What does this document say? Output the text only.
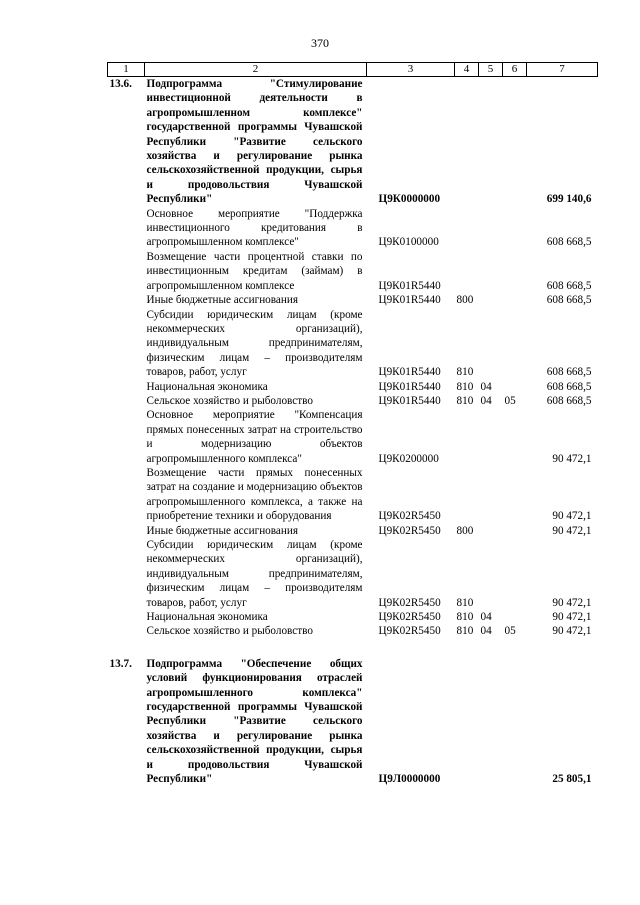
370
1	2	3	4	5	6	7
13.6.	Подпрограмма "Стимулирование инвестиционной деятельности в агропромышленном комплексе" государственной программы Чувашской Республики "Развитие сельского хозяйства и регулирование рынка сельскохозяйственной продукции, сырья и продовольствия Чувашской Республики"	Ц9К0000000				699 140,6
	Основное мероприятие "Поддержка инвестиционного кредитования в агропромышленном комплексе"	Ц9К0100000				608 668,5
	Возмещение части процентной ставки по инвестиционным кредитам (займам) в агропромышленном комплексе	Ц9К01R5440				608 668,5
	Иные бюджетные ассигнования	Ц9К01R5440	800			608 668,5
	Субсидии юридическим лицам (кроме некоммерческих организаций), индивидуальным предпринимателям, физическим лицам – производителям товаров, работ, услуг	Ц9К01R5440	810			608 668,5
	Национальная экономика	Ц9К01R5440	810	04		608 668,5
	Сельское хозяйство и рыболовство	Ц9К01R5440	810	04	05	608 668,5
	Основное мероприятие "Компенсация прямых понесенных затрат на строительство и модернизацию объектов агропромышленного комплекса"	Ц9К0200000				90 472,1
	Возмещение части прямых понесенных затрат на создание и модернизацию объектов агропромышленного комплекса, а также на приобретение техники и оборудования	Ц9К02R5450				90 472,1
	Иные бюджетные ассигнования	Ц9К02R5450	800			90 472,1
	Субсидии юридическим лицам (кроме некоммерческих организаций), индивидуальным предпринимателям, физическим лицам – производителям товаров, работ, услуг	Ц9К02R5450	810			90 472,1
	Национальная экономика	Ц9К02R5450	810	04		90 472,1
	Сельское хозяйство и рыболовство	Ц9К02R5450	810	04	05	90 472,1

13.7.	Подпрограмма "Обеспечение общих условий функционирования отраслей агропромышленного комплекса" государственной программы Чувашской Республики "Развитие сельского хозяйства и регулирование рынка сельскохозяйственной продукции, сырья и продовольствия Чувашской Республики"	Ц9Л0000000				25 805,1
